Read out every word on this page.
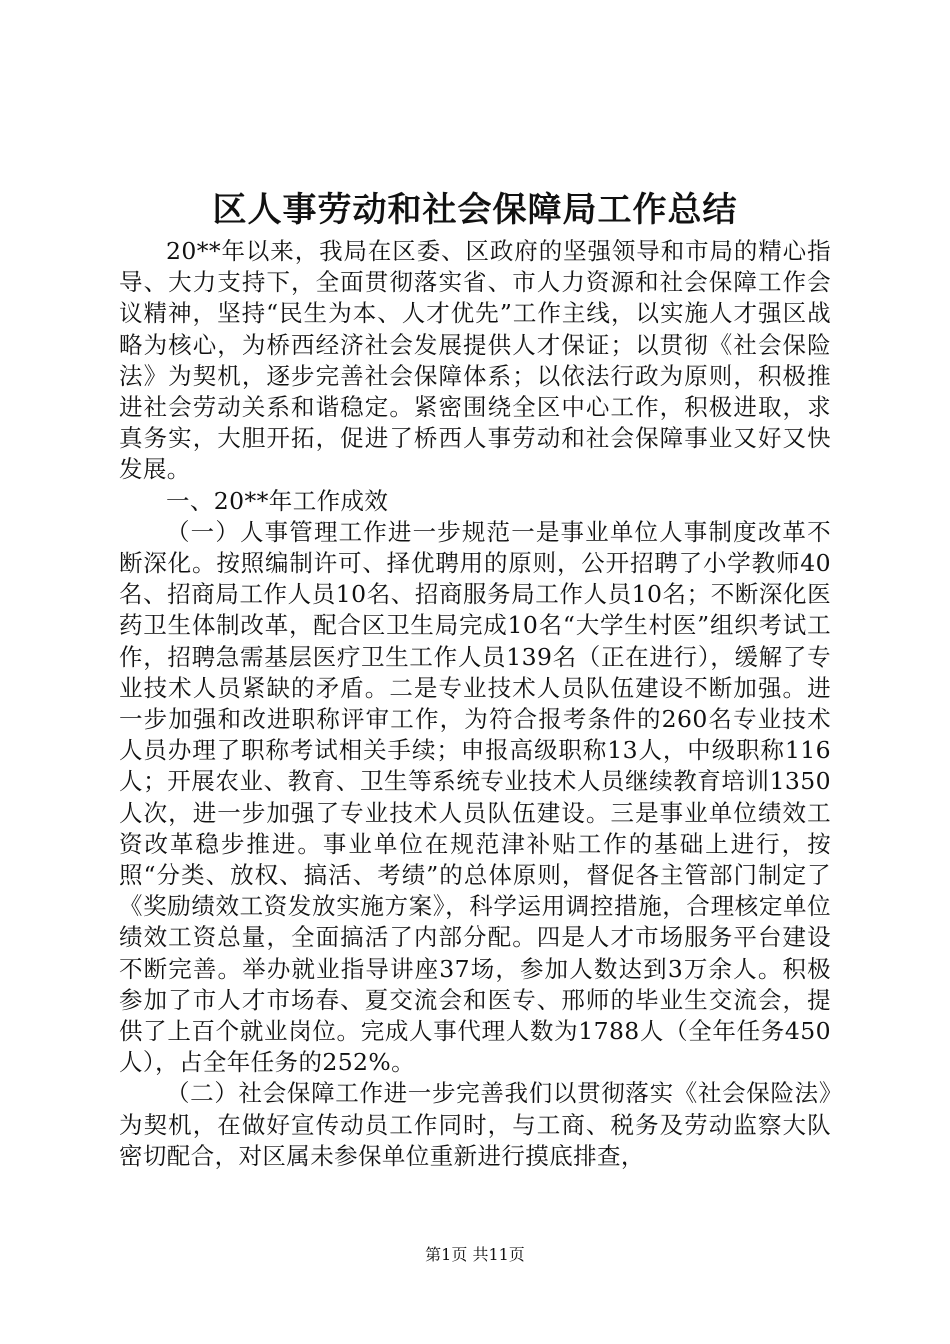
区人事劳动和社会保障局工作总结

20**年以来，我局在区委、区政府的坚强领导和市局的精心指导、大力支持下，全面贯彻落实省、市人力资源和社会保障工作会议精神，坚持“民生为本、人才优先”工作主线，以实施人才强区战略为核心，为桥西经济社会发展提供人才保证；以贯彻《社会保险法》为契机，逐步完善社会保障体系；以依法行政为原则，积极推进社会劳动关系和谐稳定。紧密围绕全区中心工作，积极进取，求真务实，大胆开拓，促进了桥西人事劳动和社会保障事业又好又快发展。

一、20**年工作成效

（一）人事管理工作进一步规范一是事业单位人事制度改革不断深化。按照编制许可、择优聘用的原则，公开招聘了小学教师40名、招商局工作人员10名、招商服务局工作人员10名；不断深化医药卫生体制改革，配合区卫生局完成10名“大学生村医”组织考试工作，招聘急需基层医疗卫生工作人员139名（正在进行），缓解了专业技术人员紧缺的矛盾。二是专业技术人员队伍建设不断加强。进一步加强和改进职称评审工作，为符合报考条件的260名专业技术人员办理了职称考试相关手续；申报高级职称13人，中级职称116人；开展农业、教育、卫生等系统专业技术人员继续教育培训1350人次，进一步加强了专业技术人员队伍建设。三是事业单位绩效工资改革稳步推进。事业单位在规范津补贴工作的基础上进行，按照“分类、放权、搞活、考绩”的总体原则，督促各主管部门制定了《奖励绩效工资发放实施方案》，科学运用调控措施，合理核定单位绩效工资总量，全面搞活了内部分配。四是人才市场服务平台建设不断完善。举办就业指导讲座37场，参加人数达到3万余人。积极参加了市人才市场春、夏交流会和医专、邢师的毕业生交流会，提供了上百个就业岗位。完成人事代理人数为1788人（全年任务450人），占全年任务的252%。

（二）社会保障工作进一步完善我们以贯彻落实《社会保险法》为契机，在做好宣传动员工作同时，与工商、税务及劳动监察大队密切配合，对区属未参保单位重新进行摸底排查，

第1页 共11页
